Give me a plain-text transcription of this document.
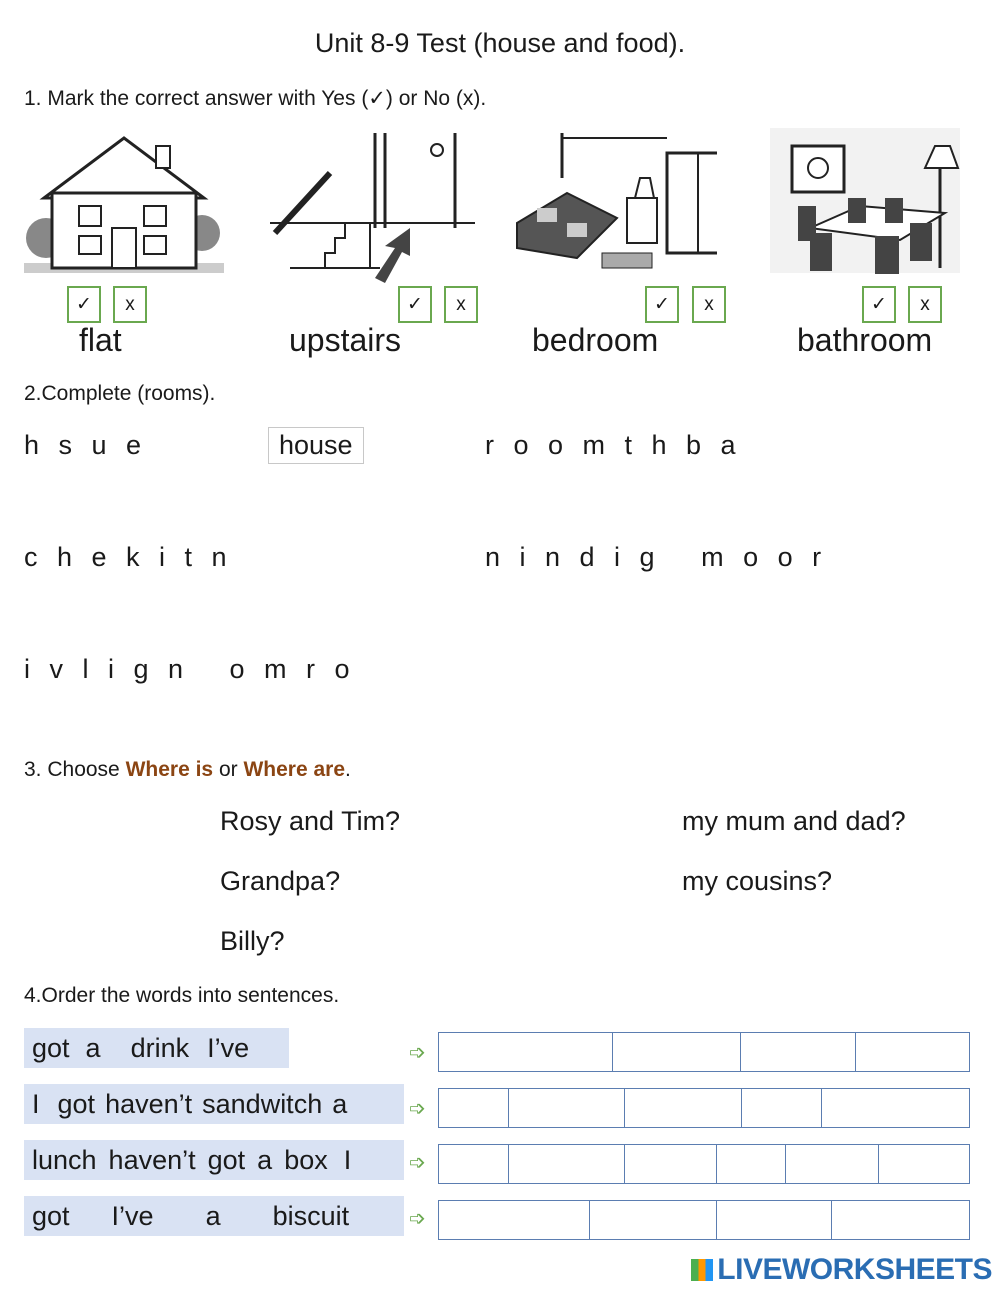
Unit 8-9 Test (house and food).
1. Mark the correct answer with Yes (✓) or No (x).
✓	x
flat
✓	x
upstairs
✓	x
bedroom
✓	x
bathroom
2.Complete (rooms).
h s u e	house	r o o m t h b a
c h e k i t n	n i n d i g   m o o r
i v l i g n   o m r o
3. Choose Where is or Where are.
Rosy and Tim?	my mum and dad?
Grandpa?	my cousins?
Billy?
4.Order the words into sentences.
got a drink I’ve	➩
I got haven’t sandwitch a	➩
lunch haven’t got a box I	➩
got I’ve a biscuit	➩
LIVEWORKSHEETS
